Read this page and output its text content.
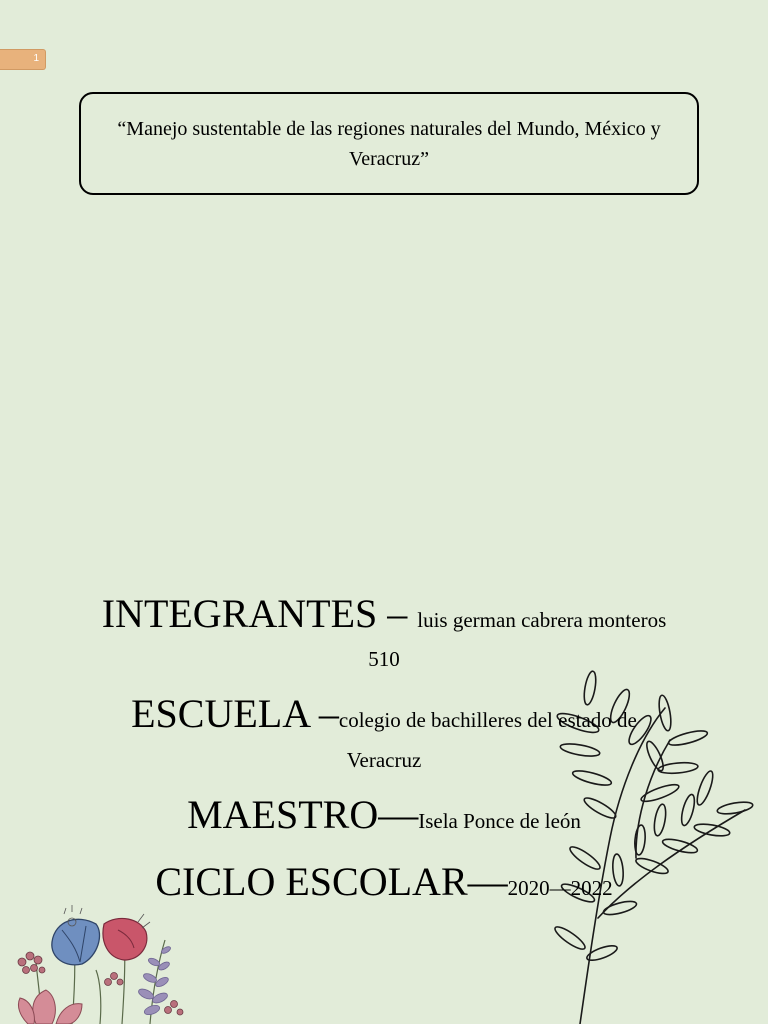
1
“Manejo sustentable de las regiones naturales del Mundo, México y Veracruz”
INTEGRANTES – luis german cabrera monteros
510
ESCUELA –colegio de bachilleres del estado de
Veracruz
MAESTRO—Isela Ponce de león
CICLO ESCOLAR—2020—2022
